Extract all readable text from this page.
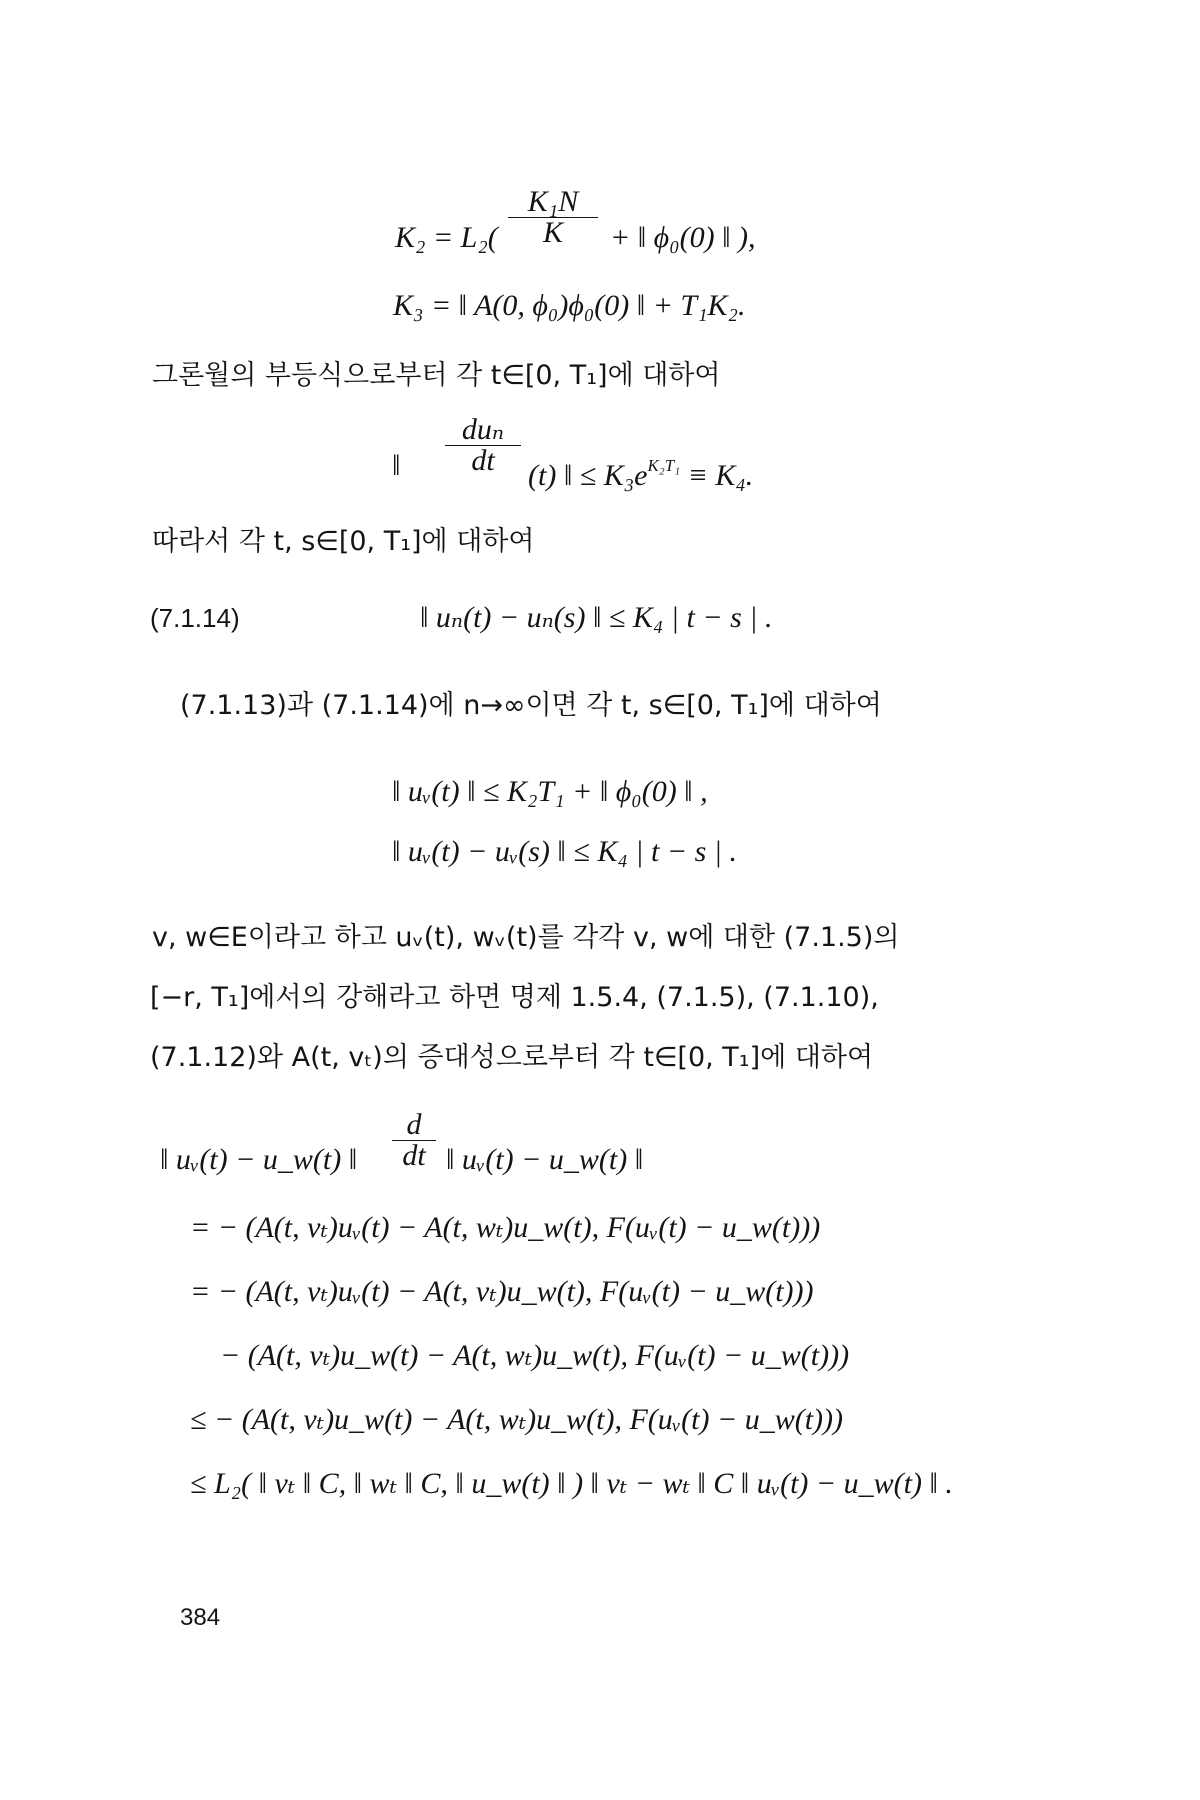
K₂ = L₂(
K₁N
K	+ ‖ ϕ₀(0) ‖ ),
K₃ = ‖ A(0, ϕ₀)ϕ₀(0) ‖ + T₁K₂.
그론월의 부등식으로부터 각 t∈[0, T₁]에 대하여
‖
duₙ
dt	(t) ‖ ≤ $K_3e^{K_2T_1} \equiv K_4$.
따라서 각 t, s∈[0, T₁]에 대하여
(7.1.14)	‖ uₙ(t) − uₙ(s) ‖ ≤ K₄ | t − s | .
(7.1.13)과 (7.1.14)에 n→∞이면 각 t, s∈[0, T₁]에 대하여
‖ uᵥ(t) ‖ ≤ K₂T₁ + ‖ ϕ₀(0) ‖ ,
‖ uᵥ(t) − uᵥ(s) ‖ ≤ K₄ | t − s | .
v, w∈E이라고 하고 uᵥ(t), wᵥ(t)를 각각 v, w에 대한 (7.1.5)의
[−r, T₁]에서의 강해라고 하면 명제 1.5.4, (7.1.5), (7.1.10),
(7.1.12)와 A(t, vₜ)의 증대성으로부터 각 t∈[0, T₁]에 대하여
‖ uᵥ(t) − u_w(t) ‖
d
dt ‖ uᵥ(t) − u_w(t) ‖
= − (A(t, vₜ)uᵥ(t) − A(t, wₜ)u_w(t), F(uᵥ(t) − u_w(t)))
= − (A(t, vₜ)uᵥ(t) − A(t, vₜ)u_w(t), F(uᵥ(t) − u_w(t)))
− (A(t, vₜ)u_w(t) − A(t, wₜ)u_w(t), F(uᵥ(t) − u_w(t)))
≤ − (A(t, vₜ)u_w(t) − A(t, wₜ)u_w(t), F(uᵥ(t) − u_w(t)))
≤ L₂( ‖ vₜ ‖ C, ‖ wₜ ‖ C, ‖ u_w(t) ‖ ) ‖ vₜ − wₜ ‖ C ‖ uᵥ(t) − u_w(t) ‖ .
384
